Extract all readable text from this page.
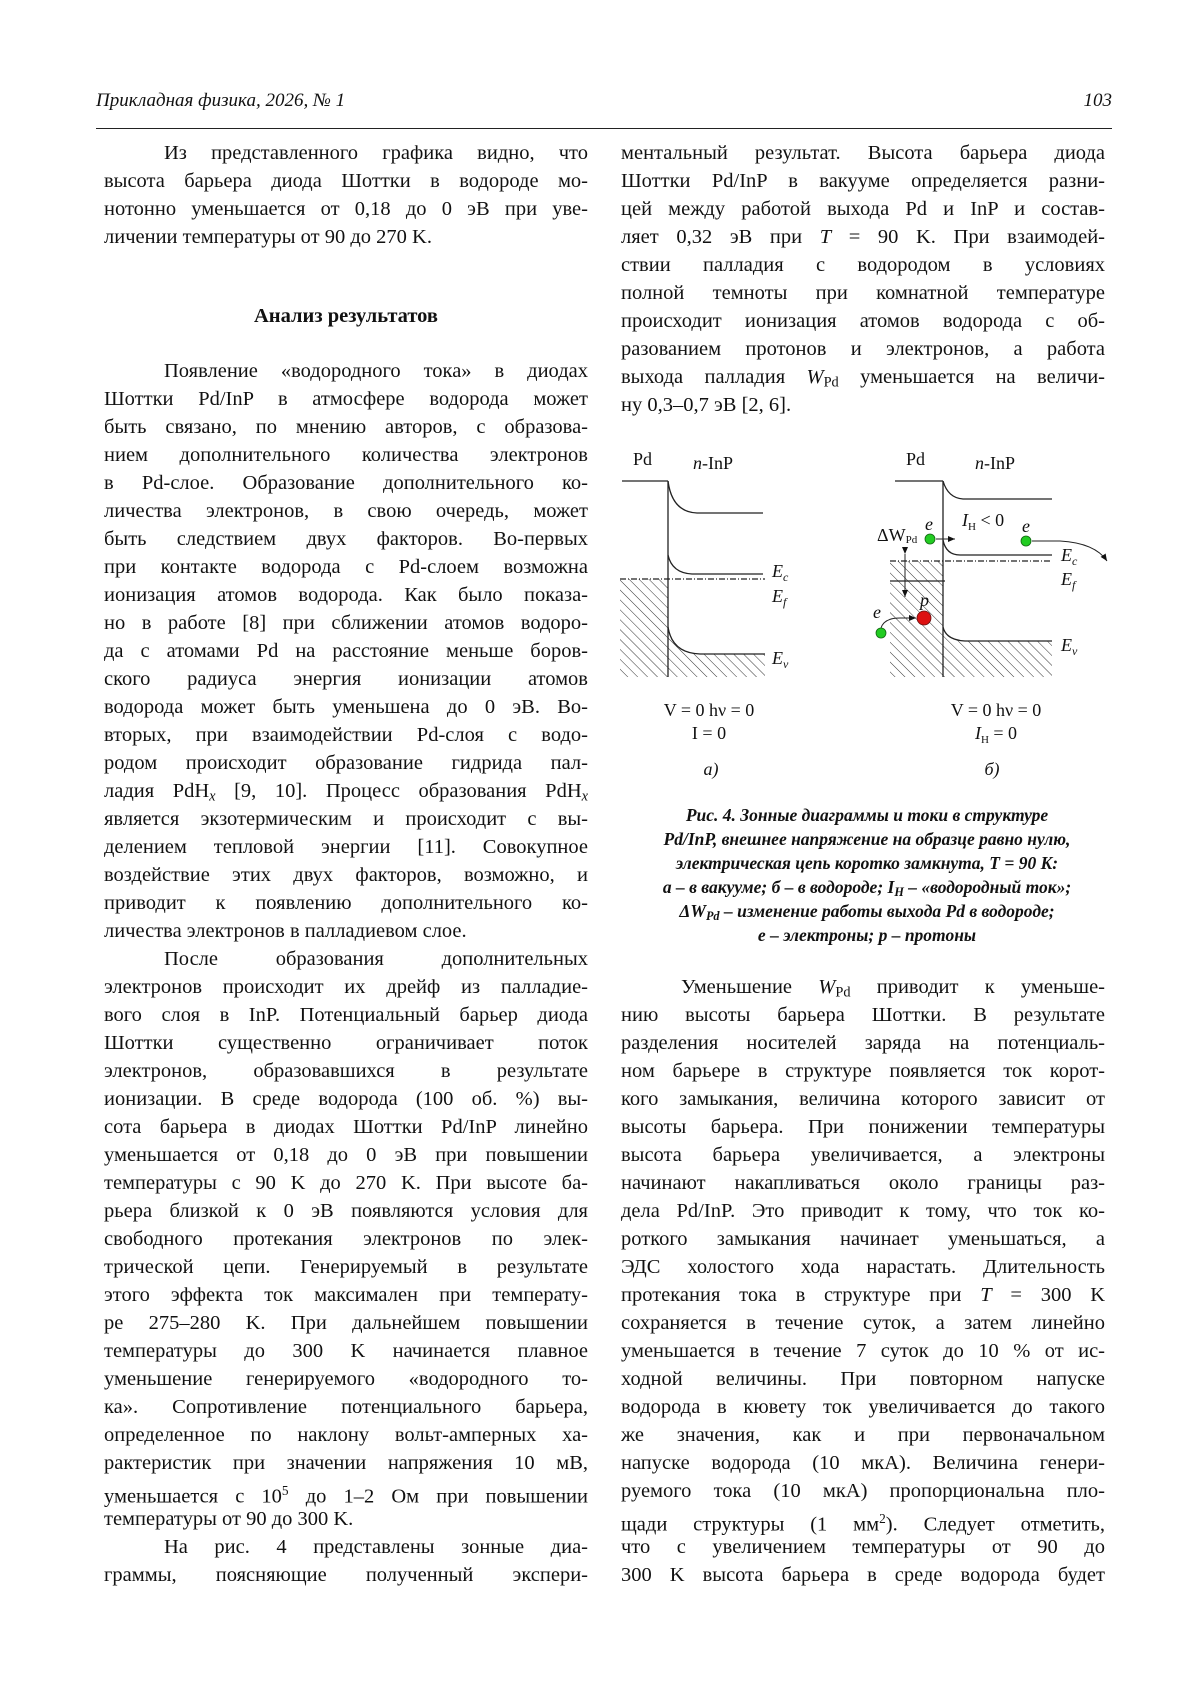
Прикладная физика, 2026, № 1	103
Из представленного графика видно, что
высота барьера диода Шоттки в водороде мо-
нотонно уменьшается от 0,18 до 0 эВ при уве-
личении температуры от 90 до 270 K.
Анализ результатов
Появление «водородного тока» в диодах
Шоттки Pd/InP в атмосфере водорода может
быть связано, по мнению авторов, с образова-
нием дополнительного количества электронов
в Pd-слое. Образование дополнительного ко-
личества электронов, в свою очередь, может
быть следствием двух факторов. Во-первых
при контакте водорода с Pd-слоем возможна
ионизация атомов водорода. Как было показа-
но в работе [8] при сближении атомов водоро-
да с атомами Pd на расстояние меньше боров-
ского радиуса энергия ионизации атомов
водорода может быть уменьшена до 0 эВ. Во-
вторых, при взаимодействии Pd-слоя с водо-
родом происходит образование гидрида пал-
ладия PdH$_x$ [9, 10]. Процесс образования PdH$_x$
является экзотермическим и происходит с вы-
делением тепловой энергии [11]. Совокупное
воздействие этих двух факторов, возможно, и
приводит к появлению дополнительного ко-
личества электронов в палладиевом слое.
После образования дополнительных
электронов происходит их дрейф из палладие-
вого слоя в InP. Потенциальный барьер диода
Шоттки существенно ограничивает поток
электронов, образовавшихся в результате
ионизации. В среде водорода (100 об. %) вы-
сота барьера в диодах Шоттки Pd/InP линейно
уменьшается от 0,18 до 0 эВ при повышении
температуры с 90 K до 270 K. При высоте ба-
рьера близкой к 0 эВ появляются условия для
свободного протекания электронов по элек-
трической цепи. Генерируемый в результате
этого эффекта ток максимален при температу-
ре 275–280 K. При дальнейшем повышении
температуры до 300 K начинается плавное
уменьшение генерируемого «водородного то-
ка». Сопротивление потенциального барьера,
определенное по наклону вольт-амперных ха-
рактеристик при значении напряжения 10 мВ,
уменьшается с $10^5$ до 1–2 Ом при повышении
температуры от 90 до 300 K.
На рис. 4 представлены зонные диа-
граммы, поясняющие полученный экспери-
ментальный результат. Высота барьера диода
Шоттки Pd/InP в вакууме определяется разни-
цей между работой выхода Pd и InP и состав-
ляет 0,32 эВ при T = 90 K. При взаимодей-
ствии палладия с водородом в условиях
полной темноты при комнатной температуре
происходит ионизация атомов водорода с об-
разованием протонов и электронов, а работа
выхода палладия $W_{Pd}$ уменьшается на величи-
ну 0,3–0,7 эВ [2, 6].
Pd n-InP
$E_c$
$E_f$
$E_v$
V = 0 hν = 0
I = 0
а)
Pd	n-InP
ΔWPd
$I_Н < 0$
e	e
e
p
$E_c$
$E_f$
$E_v$
V = 0 hν = 0
$I_Н = 0$
б)
Рис. 4. Зонные диаграммы и токи в структуре
Pd/InP, внешнее напряжение на образце равно нулю,
электрическая цепь коротко замкнута, T = 90 K:
а – в вакууме; б – в водороде; $I_H$ – «водородный ток»;
$\Delta W_{Pd}$ – изменение работы выхода Pd в водороде;
e – электроны; p – протоны
Уменьшение $W_{Pd}$ приводит к уменьше-
нию высоты барьера Шоттки. В результате
разделения носителей заряда на потенциаль-
ном барьере в структуре появляется ток корот-
кого замыкания, величина которого зависит от
высоты барьера. При понижении температуры
высота барьера увеличивается, а электроны
начинают накапливаться около границы раз-
дела Pd/InP. Это приводит к тому, что ток ко-
роткого замыкания начинает уменьшаться, а
ЭДС холостого хода нарастать. Длительность
протекания тока в структуре при T = 300 K
сохраняется в течение суток, а затем линейно
уменьшается в течение 7 суток до 10 % от ис-
ходной величины. При повторном напуске
водорода в кювету ток увеличивается до такого
же значения, как и при первоначальном
напуске водорода (10 мкА). Величина генери-
руемого тока (10 мкА) пропорциональна пло-
щади структуры (1 $мм^2$). Следует отметить,
что с увеличением температуры от 90 до
300 K высота барьера в среде водорода будет
